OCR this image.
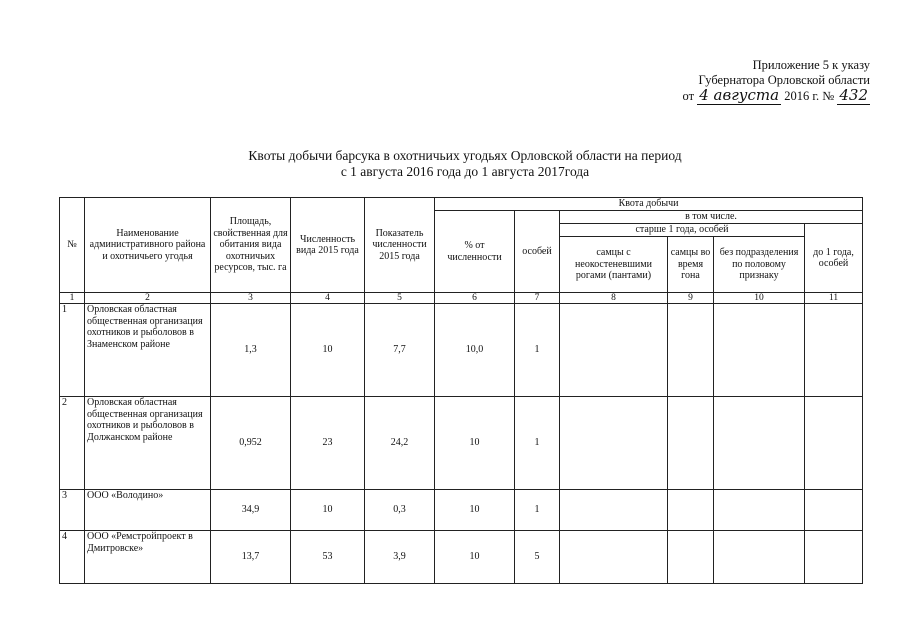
Приложение 5 к указу
Губернатора Орловской области
от 4 августа 2016 г. № 432
Квоты добычи барсука в охотничьих угодьях Орловской области на период
с 1 августа 2016 года до 1 августа 2017года
№	Наименование административного района и охотничьего угодья	Площадь, свойственная для обитания вида охотничьих ресурсов, тыс. га	Численность вида 2015 года	Показатель численности 2015 года	Квота добычи					
					% от численности	особей	в том числе.			
							старше 1 года, особей			до 1 года, особей
							самцы с неокостеневшими рогами (пантами)	самцы во время гона	без подразделения по половому признаку	
1	2	3	4	5	6	7	8	9	10	11
1	Орловская областная общественная организация охотников и рыболовов в Знаменском районе	1,3	10	7,7	10,0	1				
2	Орловская областная общественная организация охотников и рыболовов в Должанском районе	0,952	23	24,2	10	1				
3	ООО «Володино»	34,9	10	0,3	10	1				
4	ООО «Ремстройпроект в Дмитровске»	13,7	53	3,9	10	5				
